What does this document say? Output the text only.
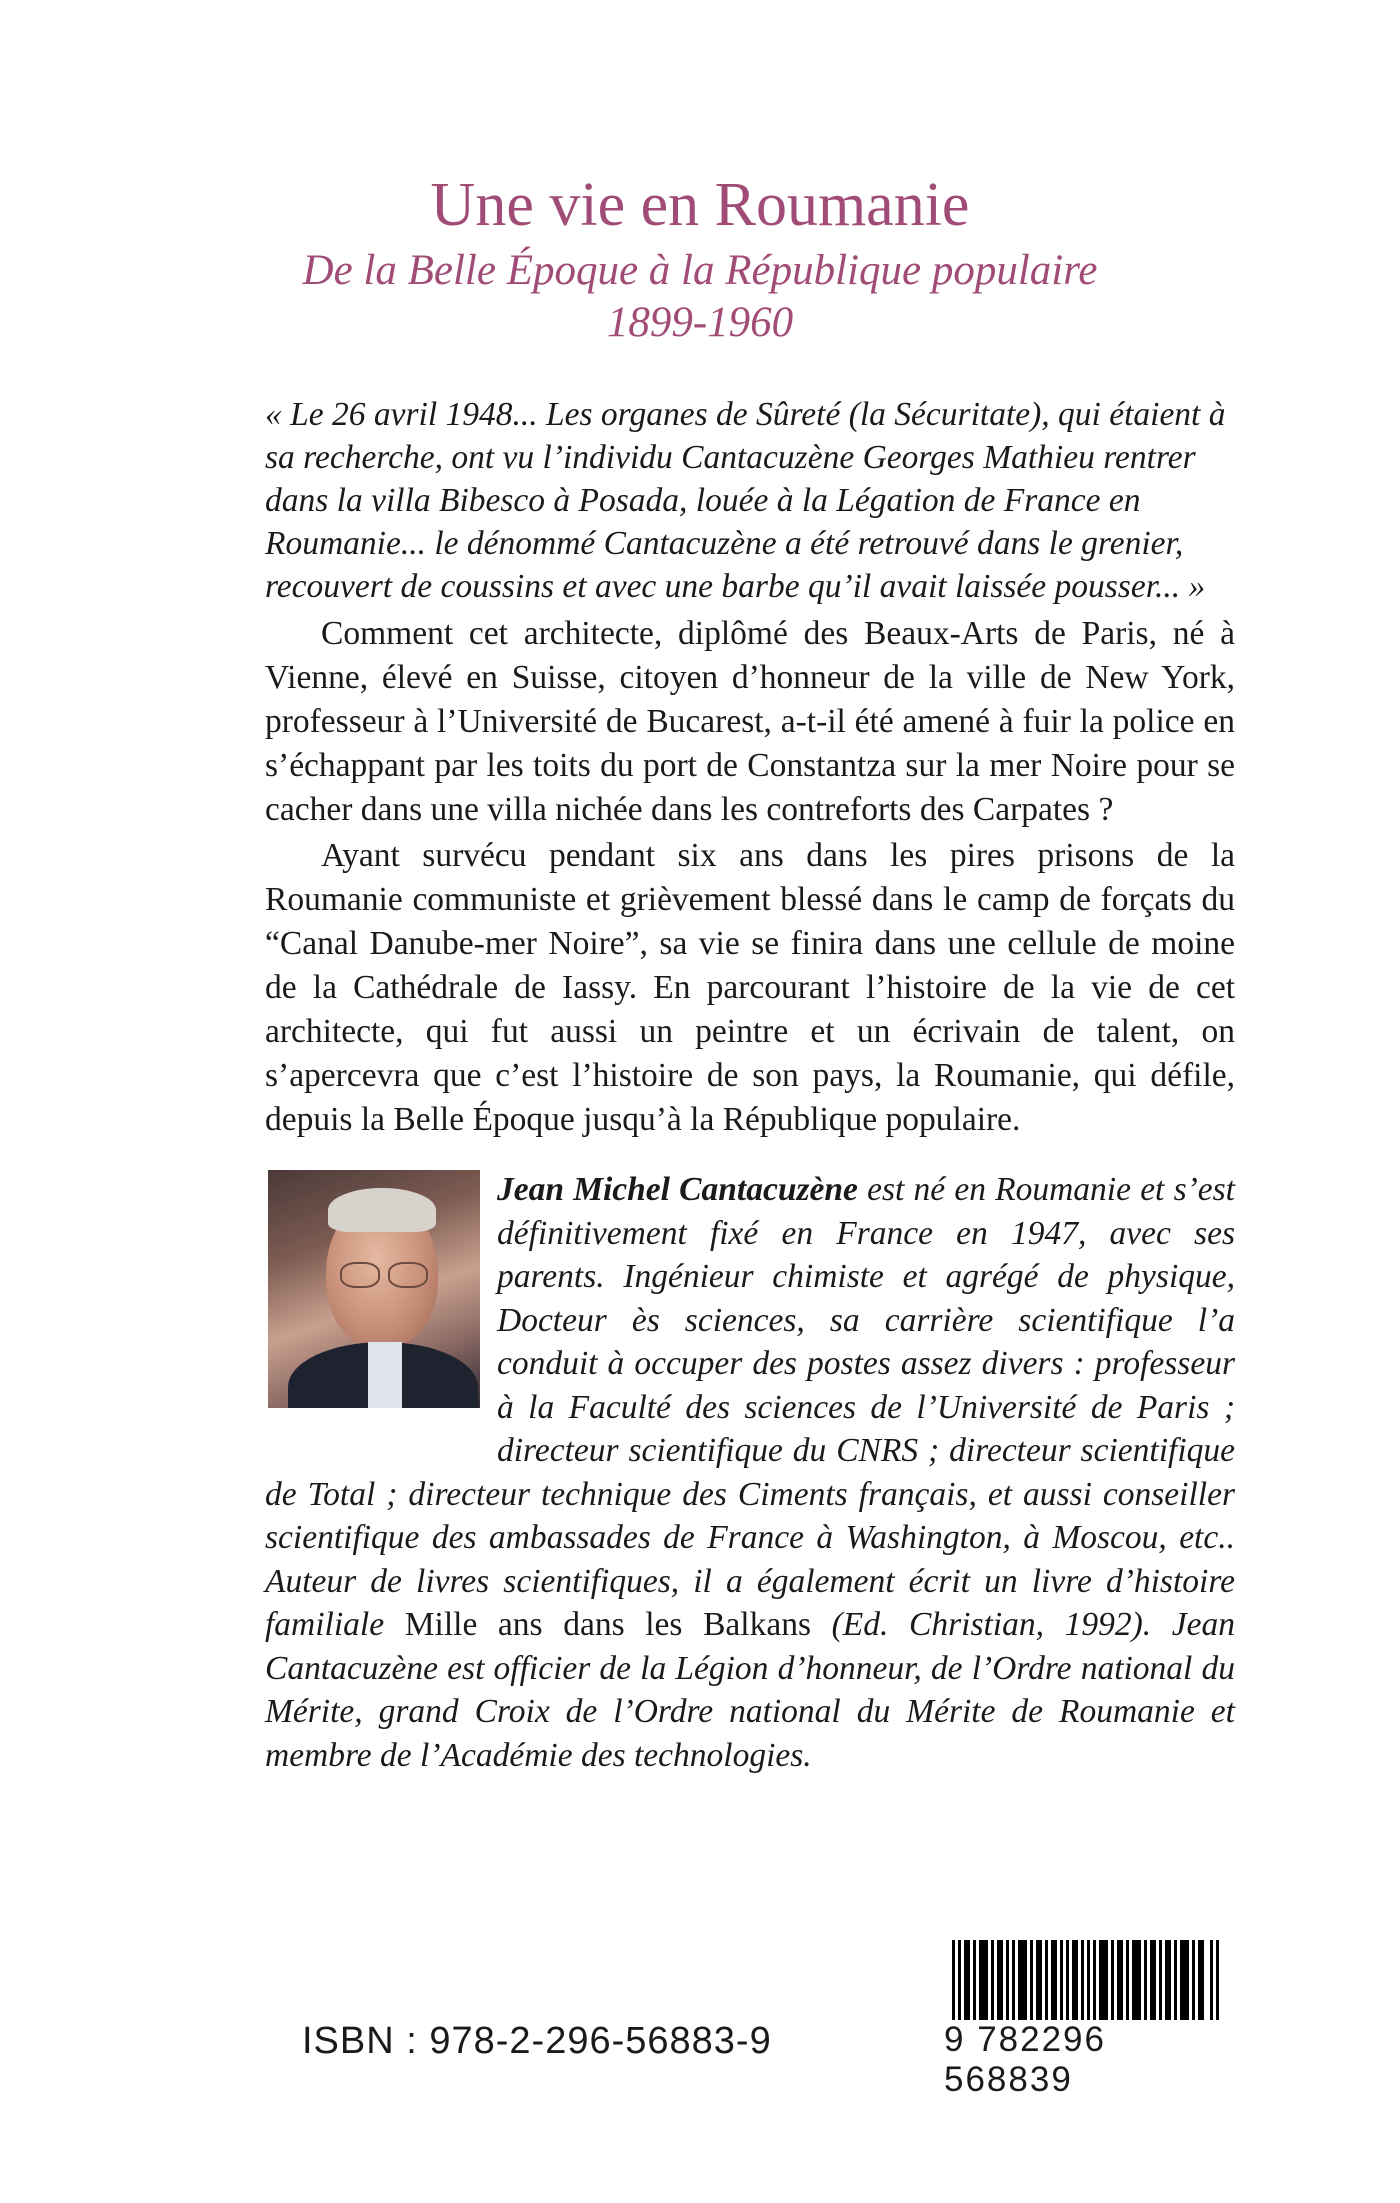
Une vie en Roumanie
De la Belle Époque à la République populaire
1899-1960
« Le 26 avril 1948... Les organes de Sûreté (la Sécuritate), qui étaient à sa recherche, ont vu l’individu Cantacuzène Georges Mathieu rentrer dans la villa Bibesco à Posada, louée à la Légation de France en Roumanie... le dénommé Cantacuzène a été retrouvé dans le grenier, recouvert de coussins et avec une barbe qu’il avait laissée pousser... »
Comment cet architecte, diplômé des Beaux-Arts de Paris, né à Vienne, élevé en Suisse, citoyen d’honneur de la ville de New York, professeur à l’Université de Bucarest, a-t-il été amené à fuir la police en s’échappant par les toits du port de Constantza sur la mer Noire pour se cacher dans une villa nichée dans les contreforts des Carpates ?
Ayant survécu pendant six ans dans les pires prisons de la Roumanie communiste et grièvement blessé dans le camp de forçats du “Canal Danube-mer Noire”, sa vie se finira dans une cellule de moine de la Cathédrale de Iassy. En parcourant l’histoire de la vie de cet architecte, qui fut aussi un peintre et un écrivain de talent, on s’apercevra que c’est l’histoire de son pays, la Roumanie, qui défile, depuis la Belle Époque jusqu’à la République populaire.
Jean Michel Cantacuzène est né en Roumanie et s’est définitivement fixé en France en 1947, avec ses parents. Ingénieur chimiste et agrégé de physique, Docteur ès sciences, sa carrière scientifique l’a conduit à occuper des postes assez divers : professeur à la Faculté des sciences de l’Université de Paris ; directeur scientifique du CNRS ; directeur scientifique de Total ; directeur technique des Ciments français, et aussi conseiller scientifique des ambassades de France à Washington, à Moscou, etc.. Auteur de livres scientifiques, il a également écrit un livre d’histoire familiale Mille ans dans les Balkans (Ed. Christian, 1992). Jean Cantacuzène est officier de la Légion d’honneur, de l’Ordre national du Mérite, grand Croix de l’Ordre national du Mérite de Roumanie et membre de l’Académie des technologies.
ISBN : 978-2-296-56883-9	9 782296 568839
